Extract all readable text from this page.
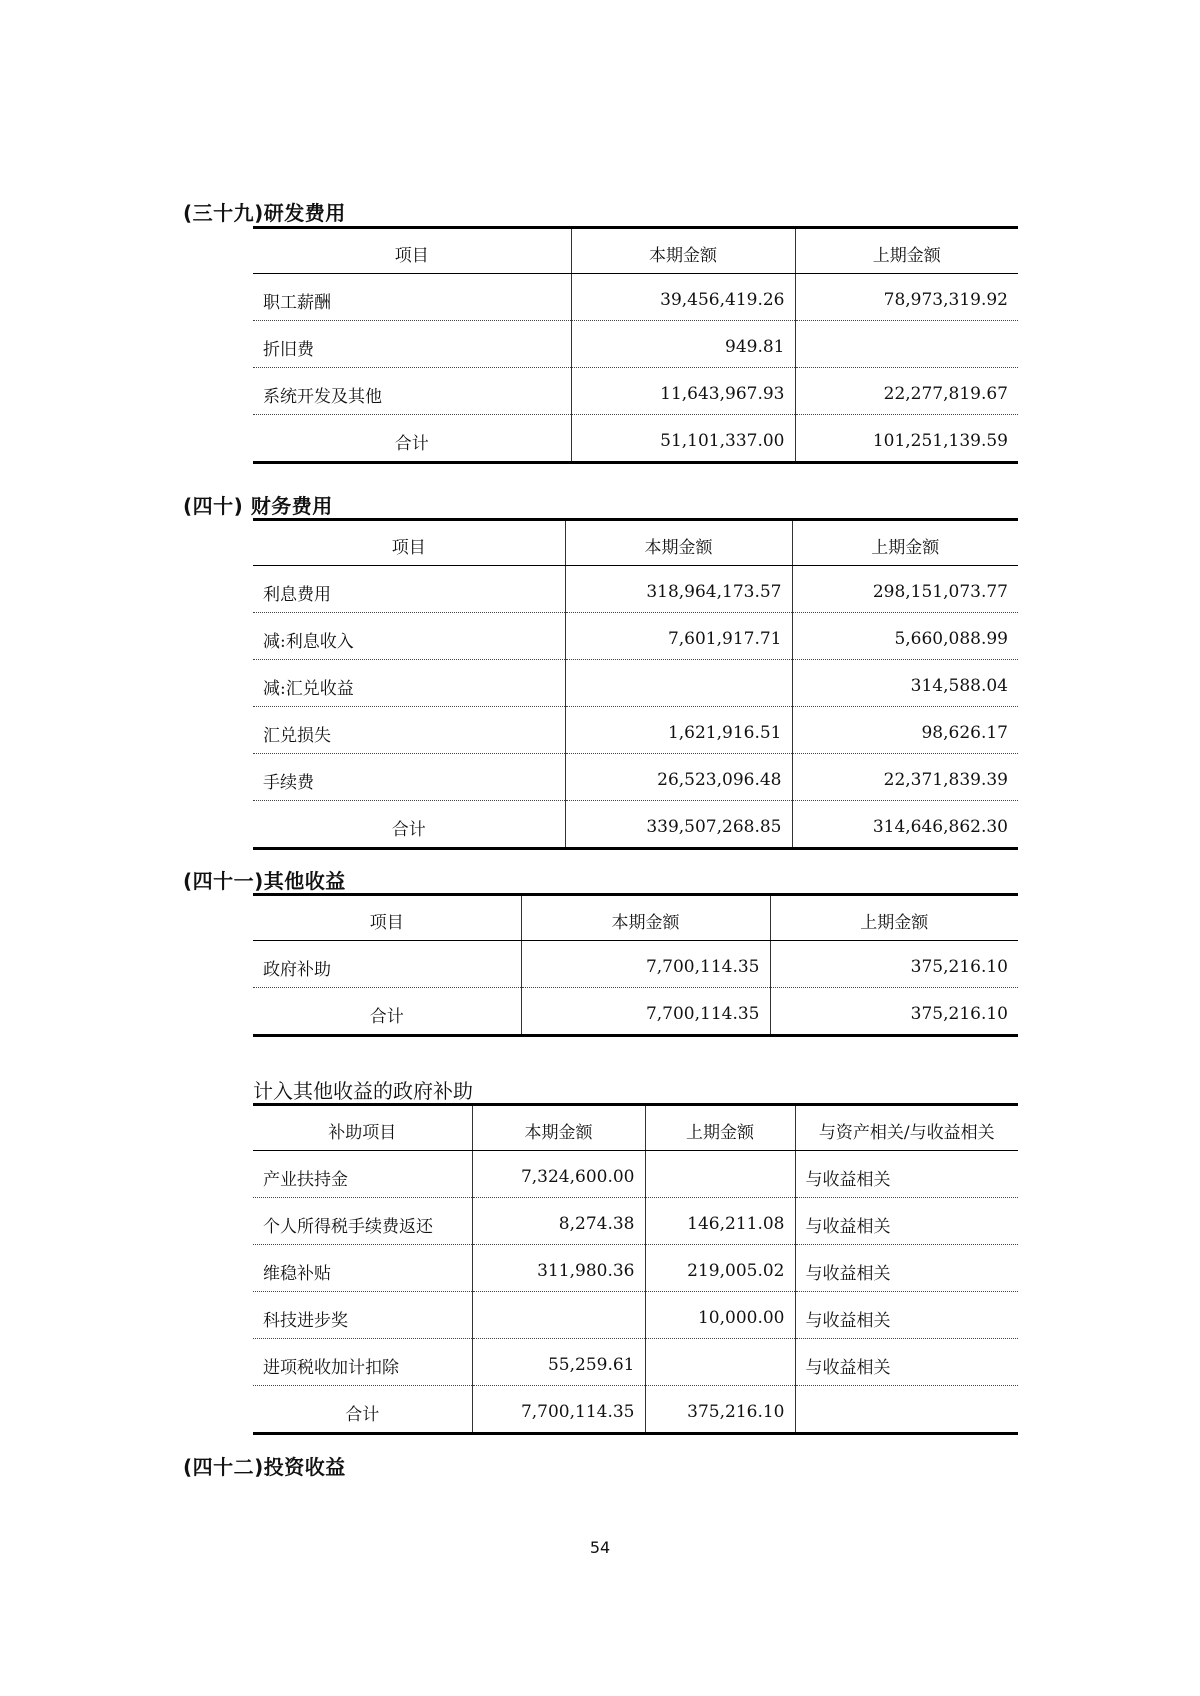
(三十九)研发费用
项目	本期金额	上期金额
职工薪酬	39,456,419.26	78,973,319.92
折旧费	949.81	
系统开发及其他	11,643,967.93	22,277,819.67
合计	51,101,337.00	101,251,139.59
(四十) 财务费用
项目	本期金额	上期金额
利息费用	318,964,173.57	298,151,073.77
减:利息收入	7,601,917.71	5,660,088.99
减:汇兑收益		314,588.04
汇兑损失	1,621,916.51	98,626.17
手续费	26,523,096.48	22,371,839.39
合计	339,507,268.85	314,646,862.30
(四十一)其他收益
项目	本期金额	上期金额
政府补助	7,700,114.35	375,216.10
合计	7,700,114.35	375,216.10
计入其他收益的政府补助
补助项目	本期金额	上期金额	与资产相关/与收益相关
产业扶持金	7,324,600.00		与收益相关
个人所得税手续费返还	8,274.38	146,211.08	与收益相关
维稳补贴	311,980.36	219,005.02	与收益相关
科技进步奖		10,000.00	与收益相关
进项税收加计扣除	55,259.61		与收益相关
合计	7,700,114.35	375,216.10	
(四十二)投资收益
54
